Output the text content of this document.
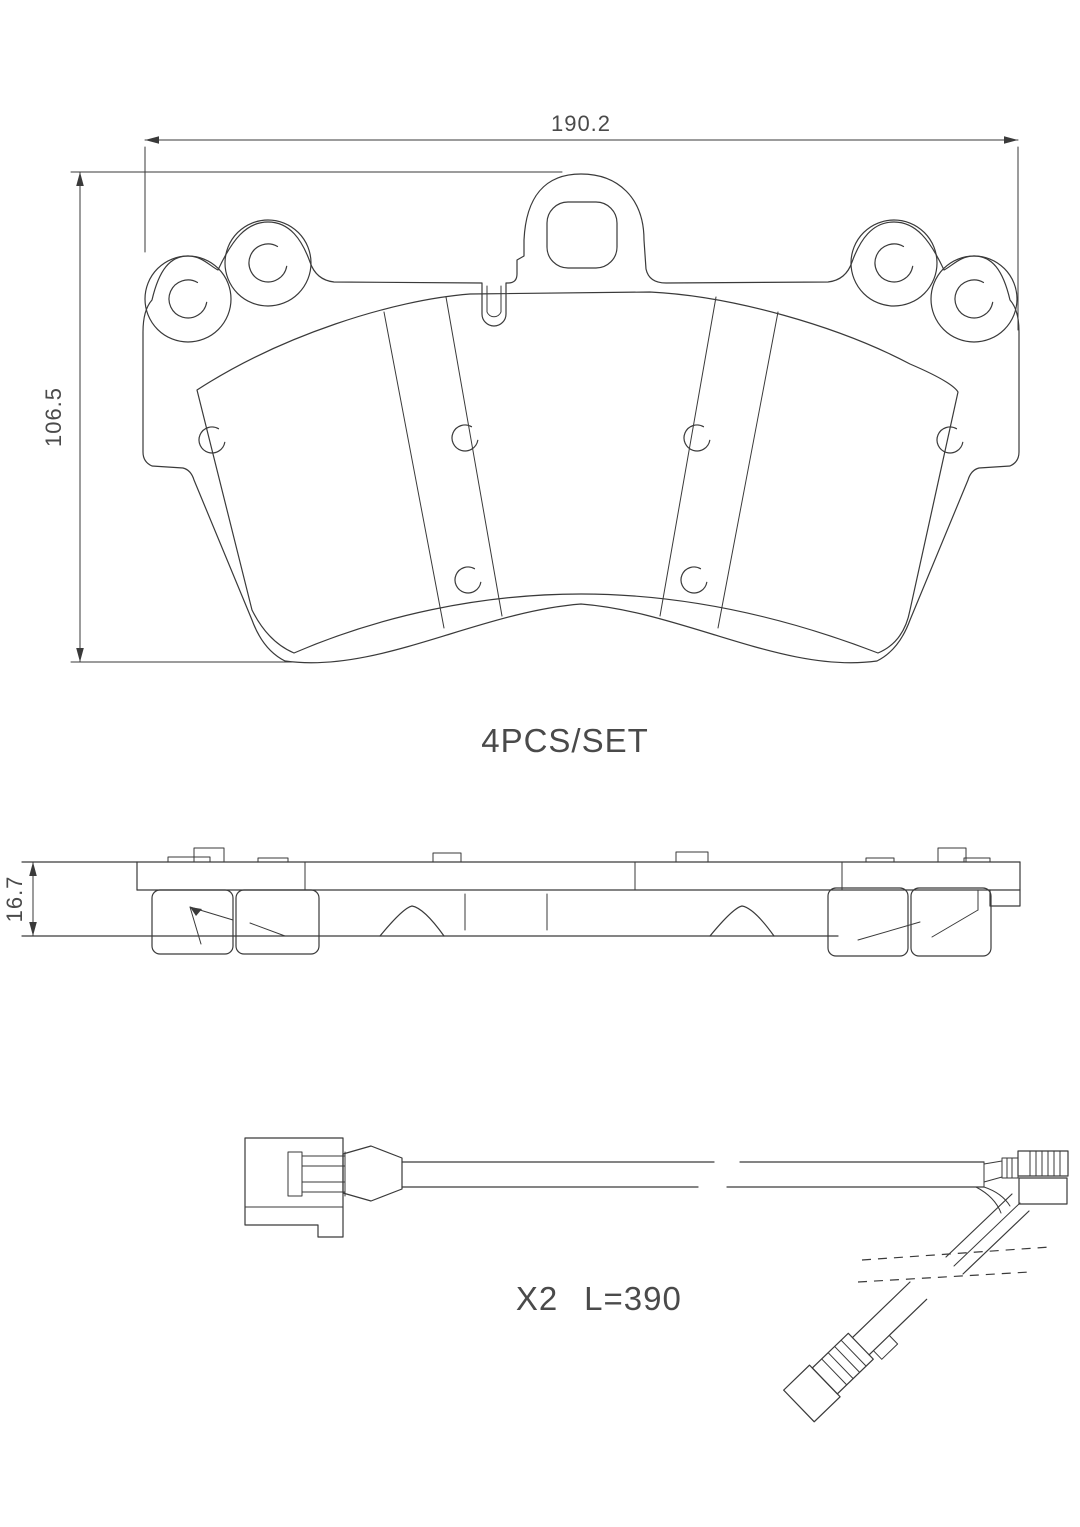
190.2
106.5
4PCS/SET
16.7
X2 L=390
